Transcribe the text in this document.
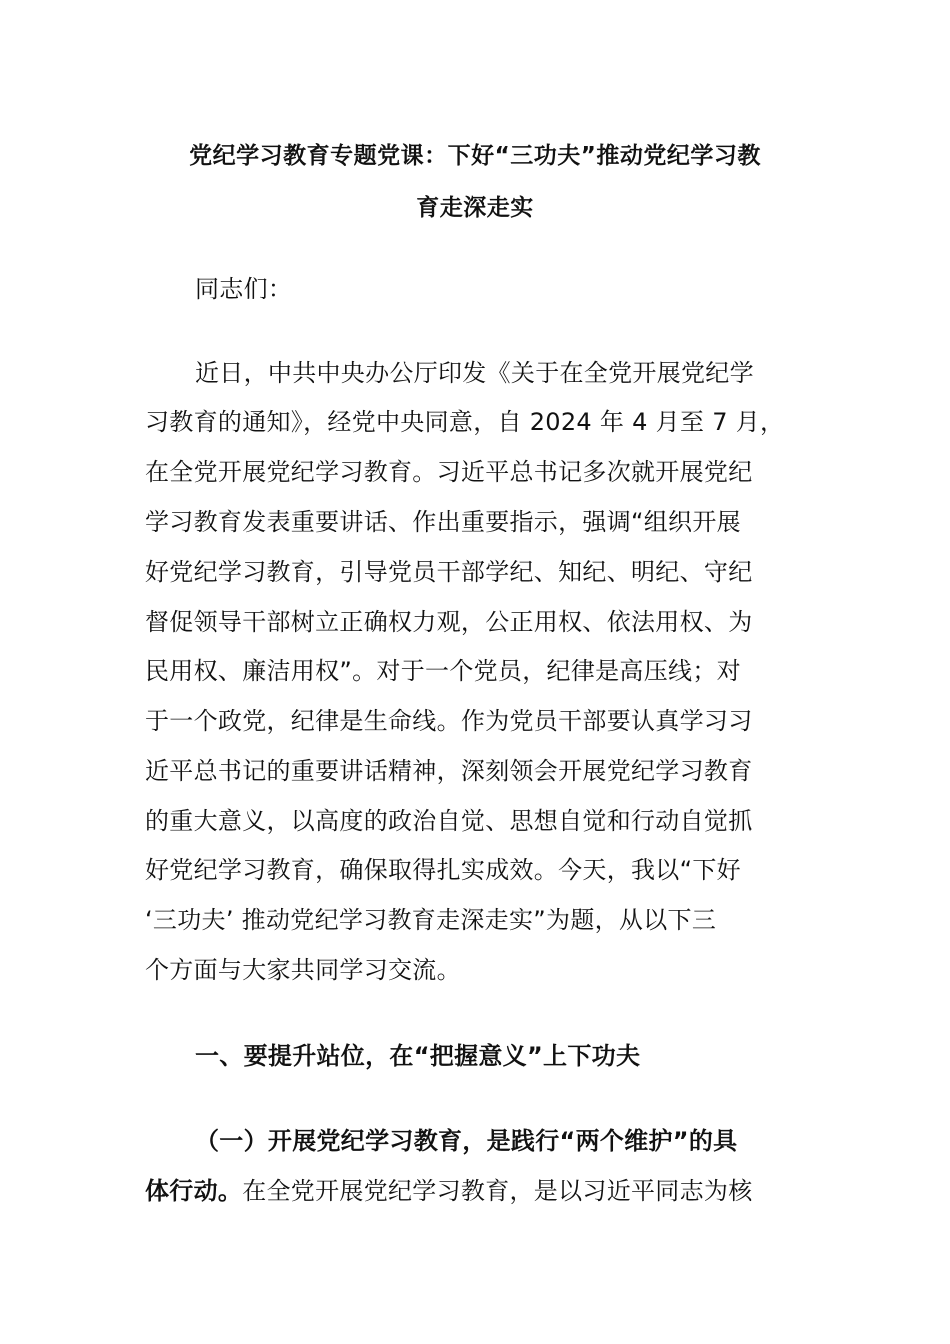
党纪学习教育专题党课：下好“三功夫”推动党纪学习教
育走深走实
同志们：
近日，中共中央办公厅印发《关于在全党开展党纪学
习教育的通知》，经党中央同意，自 2024 年 4 月至 7 月，
在全党开展党纪学习教育。习近平总书记多次就开展党纪
学习教育发表重要讲话、作出重要指示，强调“组织开展
好党纪学习教育，引导党员干部学纪、知纪、明纪、守纪
督促领导干部树立正确权力观，公正用权、依法用权、为
民用权、廉洁用权”。对于一个党员，纪律是高压线；对
于一个政党，纪律是生命线。作为党员干部要认真学习习
近平总书记的重要讲话精神，深刻领会开展党纪学习教育
的重大意义，以高度的政治自觉、思想自觉和行动自觉抓
好党纪学习教育，确保取得扎实成效。今天，我以“下好
‘三功夫’ 推动党纪学习教育走深走实”为题，从以下三
个方面与大家共同学习交流。
一、要提升站位，在“把握意义”上下功夫
（一）开展党纪学习教育，是践行“两个维护”的具
体行动。在全党开展党纪学习教育，是以习近平同志为核
